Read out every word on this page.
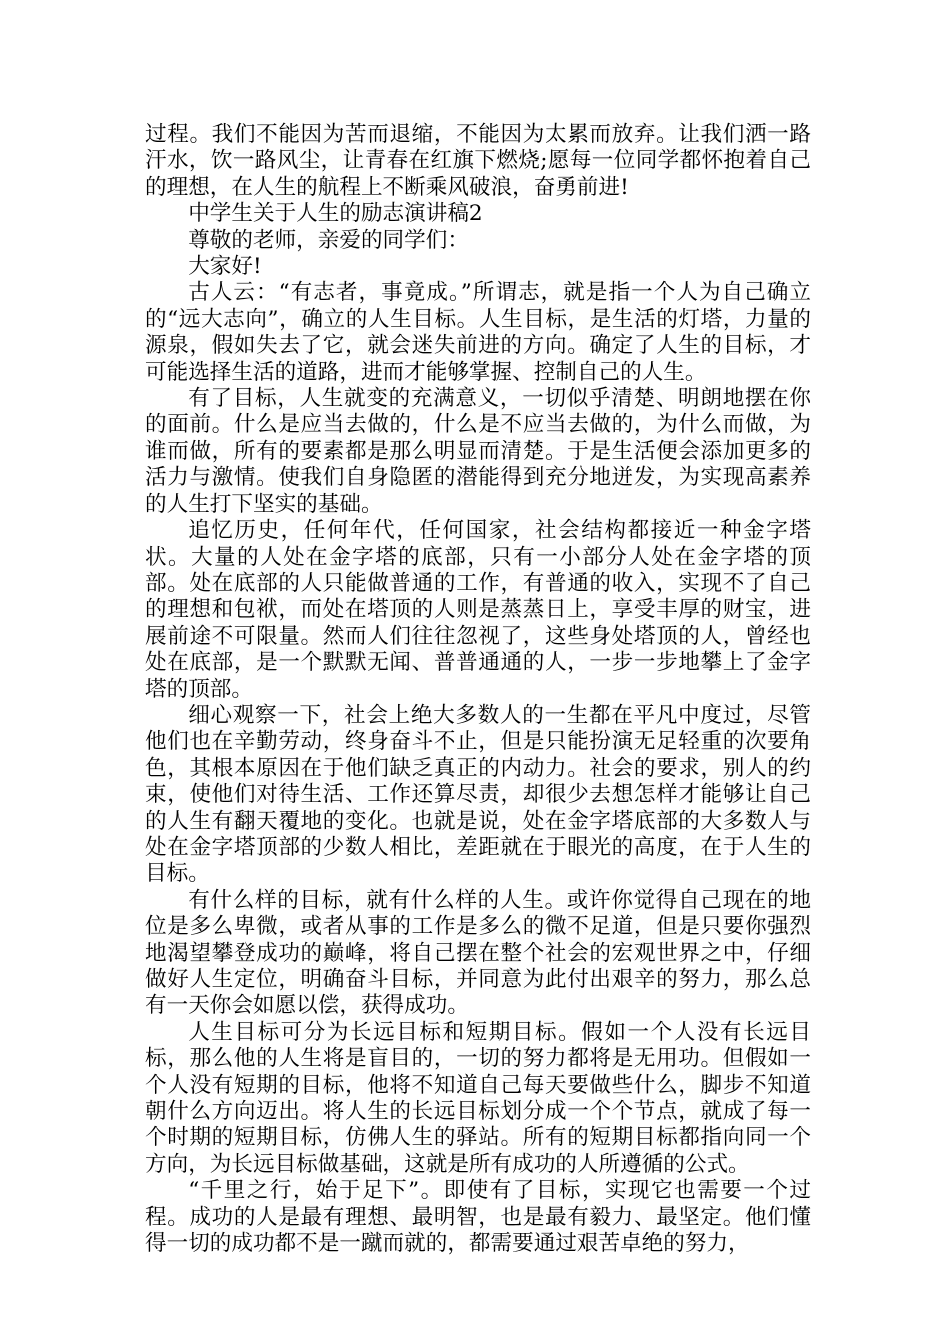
过程。我们不能因为苦而退缩，不能因为太累而放弃。让我们洒一路汗水，饮一路风尘，让青春在红旗下燃烧;愿每一位同学都怀抱着自己的理想，在人生的航程上不断乘风破浪，奋勇前进!

中学生关于人生的励志演讲稿2

尊敬的老师，亲爱的同学们：

大家好!

古人云：“有志者，事竟成。”所谓志，就是指一个人为自己确立的“远大志向”，确立的人生目标。人生目标，是生活的灯塔，力量的源泉，假如失去了它，就会迷失前进的方向。确定了人生的目标，才可能选择生活的道路，进而才能够掌握、控制自己的人生。

有了目标，人生就变的充满意义，一切似乎清楚、明朗地摆在你的面前。什么是应当去做的，什么是不应当去做的，为什么而做，为谁而做，所有的要素都是那么明显而清楚。于是生活便会添加更多的活力与激情。使我们自身隐匿的潜能得到充分地迸发，为实现高素养的人生打下坚实的基础。

追忆历史，任何年代，任何国家，社会结构都接近一种金字塔状。大量的人处在金字塔的底部，只有一小部分人处在金字塔的顶部。处在底部的人只能做普通的工作，有普通的收入，实现不了自己的理想和包袱，而处在塔顶的人则是蒸蒸日上，享受丰厚的财宝，进展前途不可限量。然而人们往往忽视了，这些身处塔顶的人，曾经也处在底部，是一个默默无闻、普普通通的人，一步一步地攀上了金字塔的顶部。

细心观察一下，社会上绝大多数人的一生都在平凡中度过，尽管他们也在辛勤劳动，终身奋斗不止，但是只能扮演无足轻重的次要角色，其根本原因在于他们缺乏真正的内动力。社会的要求，别人的约束，使他们对待生活、工作还算尽责，却很少去想怎样才能够让自己的人生有翻天覆地的变化。也就是说，处在金字塔底部的大多数人与处在金字塔顶部的少数人相比，差距就在于眼光的高度，在于人生的目标。

有什么样的目标，就有什么样的人生。或许你觉得自己现在的地位是多么卑微，或者从事的工作是多么的微不足道，但是只要你强烈地渴望攀登成功的巅峰，将自己摆在整个社会的宏观世界之中，仔细做好人生定位，明确奋斗目标，并同意为此付出艰辛的努力，那么总有一天你会如愿以偿，获得成功。

人生目标可分为长远目标和短期目标。假如一个人没有长远目标，那么他的人生将是盲目的，一切的努力都将是无用功。但假如一个人没有短期的目标，他将不知道自己每天要做些什么，脚步不知道朝什么方向迈出。将人生的长远目标划分成一个个节点，就成了每一个时期的短期目标，仿佛人生的驿站。所有的短期目标都指向同一个方向，为长远目标做基础，这就是所有成功的人所遵循的公式。

“千里之行，始于足下”。即使有了目标，实现它也需要一个过程。成功的人是最有理想、最明智，也是最有毅力、最坚定。他们懂得一切的成功都不是一蹴而就的，都需要通过艰苦卓绝的努力，
